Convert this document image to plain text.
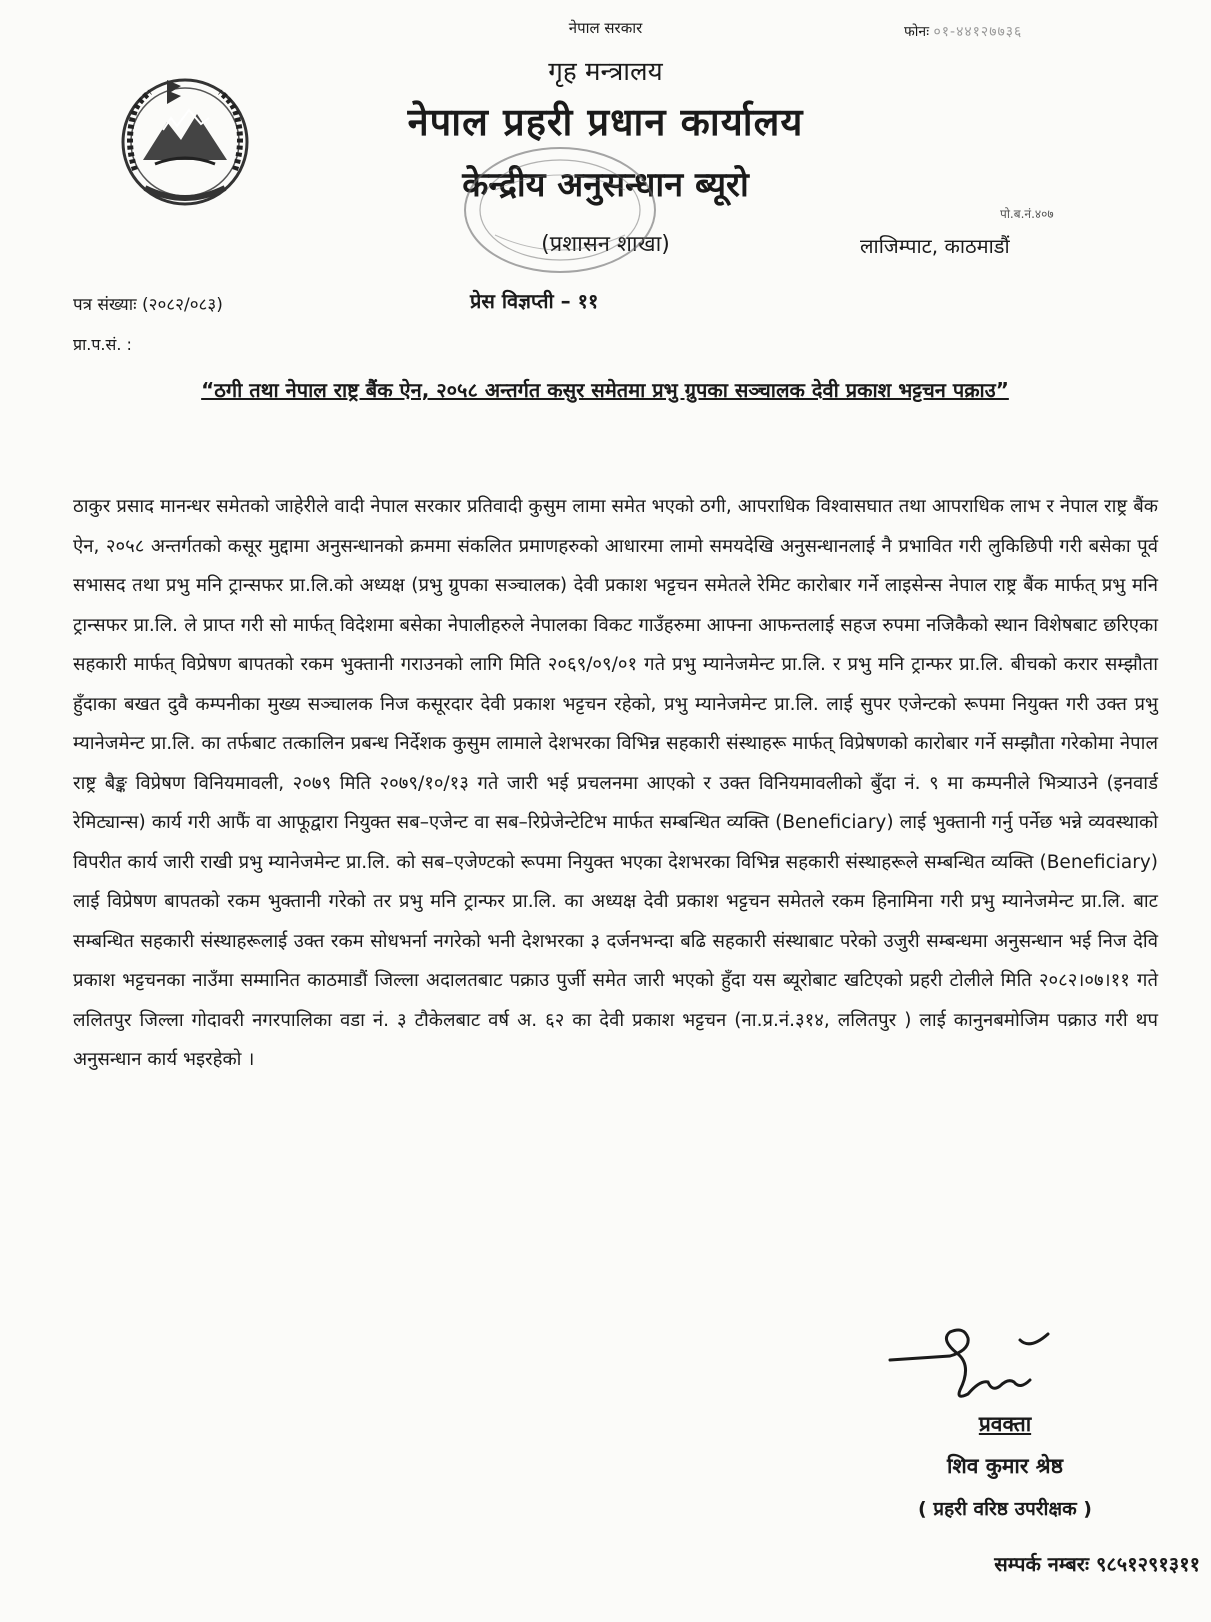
नेपाल सरकार	फोनः ०१-४४१२७७३६
गृह मन्त्रालय
नेपाल प्रहरी प्रधान कार्यालय
केन्द्रीय अनुसन्धान ब्यूरो
(प्रशासन शाखा)
पो.ब.नं.४०७
लाजिम्पाट, काठमाडौं
पत्र संख्याः (२०८२/०८३)	प्रेस विज्ञप्ती – ११
प्रा.प.सं. :
“ठगी तथा नेपाल राष्ट्र बैंक ऐन, २०५८ अन्तर्गत कसुर समेतमा प्रभु ग्रुपका सञ्चालक देवी प्रकाश भट्टचन पक्राउ”
ठाकुर प्रसाद मानन्धर समेतको जाहेरीले वादी नेपाल सरकार प्रतिवादी कुसुम लामा समेत भएको ठगी, आपराधिक विश्वासघात तथा आपराधिक लाभ र नेपाल राष्ट्र बैंक ऐन, २०५८ अन्तर्गतको कसूर मुद्दामा अनुसन्धानको क्रममा संकलित प्रमाणहरुको आधारमा लामो समयदेखि अनुसन्धानलाई नै प्रभावित गरी लुकिछिपी गरी बसेका पूर्व सभासद तथा प्रभु मनि ट्रान्सफर प्रा.लि.को अध्यक्ष (प्रभु ग्रुपका सञ्चालक) देवी प्रकाश भट्टचन समेतले रेमिट कारोबार गर्ने लाइसेन्स नेपाल राष्ट्र बैंक मार्फत् प्रभु मनि ट्रान्सफर प्रा.लि. ले प्राप्त गरी सो मार्फत् विदेशमा बसेका नेपालीहरुले नेपालका विकट गाउँहरुमा आफ्ना आफन्तलाई सहज रुपमा नजिकैको स्थान विशेषबाट छरिएका सहकारी मार्फत् विप्रेषण बापतको रकम भुक्तानी गराउनको लागि मिति २०६९/०९/०१ गते प्रभु म्यानेजमेन्ट प्रा.लि. र प्रभु मनि ट्रान्फर प्रा.लि. बीचको करार सम्झौता हुँदाका बखत दुवै कम्पनीका मुख्य सञ्चालक निज कसूरदार देवी प्रकाश भट्टचन रहेको, प्रभु म्यानेजमेन्ट प्रा.लि. लाई सुपर एजेन्टको रूपमा नियुक्त गरी उक्त प्रभु म्यानेजमेन्ट प्रा.लि. का तर्फबाट तत्कालिन प्रबन्ध निर्देशक कुसुम लामाले देशभरका विभिन्न सहकारी संस्थाहरू मार्फत् विप्रेषणको कारोबार गर्ने सम्झौता गरेकोमा नेपाल राष्ट्र बैङ्क विप्रेषण विनियमावली, २०७९ मिति २०७९/१०/१३ गते जारी भई प्रचलनमा आएको र उक्त विनियमावलीको बुँदा नं. ९ मा कम्पनीले भित्र्याउने (इनवार्ड रेमिट्यान्स) कार्य गरी आफैं वा आफूद्वारा नियुक्त सब–एजेन्ट वा सब–रिप्रेजेन्टेटिभ मार्फत सम्बन्धित व्यक्ति (Beneficiary) लाई भुक्तानी गर्नु पर्नेछ भन्ने व्यवस्थाको विपरीत कार्य जारी राखी प्रभु म्यानेजमेन्ट प्रा.लि. को सब–एजेण्टको रूपमा नियुक्त भएका देशभरका विभिन्न सहकारी संस्थाहरूले सम्बन्धित व्यक्ति (Beneficiary) लाई विप्रेषण बापतको रकम भुक्तानी गरेको तर प्रभु मनि ट्रान्फर प्रा.लि. का अध्यक्ष देवी प्रकाश भट्टचन समेतले रकम हिनामिना गरी प्रभु म्यानेजमेन्ट प्रा.लि. बाट सम्बन्धित सहकारी संस्थाहरूलाई उक्त रकम सोधभर्ना नगरेको भनी देशभरका ३ दर्जनभन्दा बढि सहकारी संस्थाबाट परेको उजुरी सम्बन्धमा अनुसन्धान भई निज देवि प्रकाश भट्टचनका नाउँमा सम्मानित काठमाडौं जिल्ला अदालतबाट पक्राउ पुर्जी समेत जारी भएको हुँदा यस ब्यूरोबाट खटिएको प्रहरी टोलीले मिति २०८२।०७।११ गते ललितपुर जिल्ला गोदावरी नगरपालिका वडा नं. ३ टौकेलबाट वर्ष अ. ६२ का देवी प्रकाश भट्टचन (ना.प्र.नं.३१४, ललितपुर ) लाई कानुनबमोजिम पक्राउ गरी थप अनुसन्धान कार्य भइरहेको ।
प्रवक्ता
शिव कुमार श्रेष्ठ
( प्रहरी वरिष्ठ उपरीक्षक )
सम्पर्क नम्बरः ९८५१२९१३११
